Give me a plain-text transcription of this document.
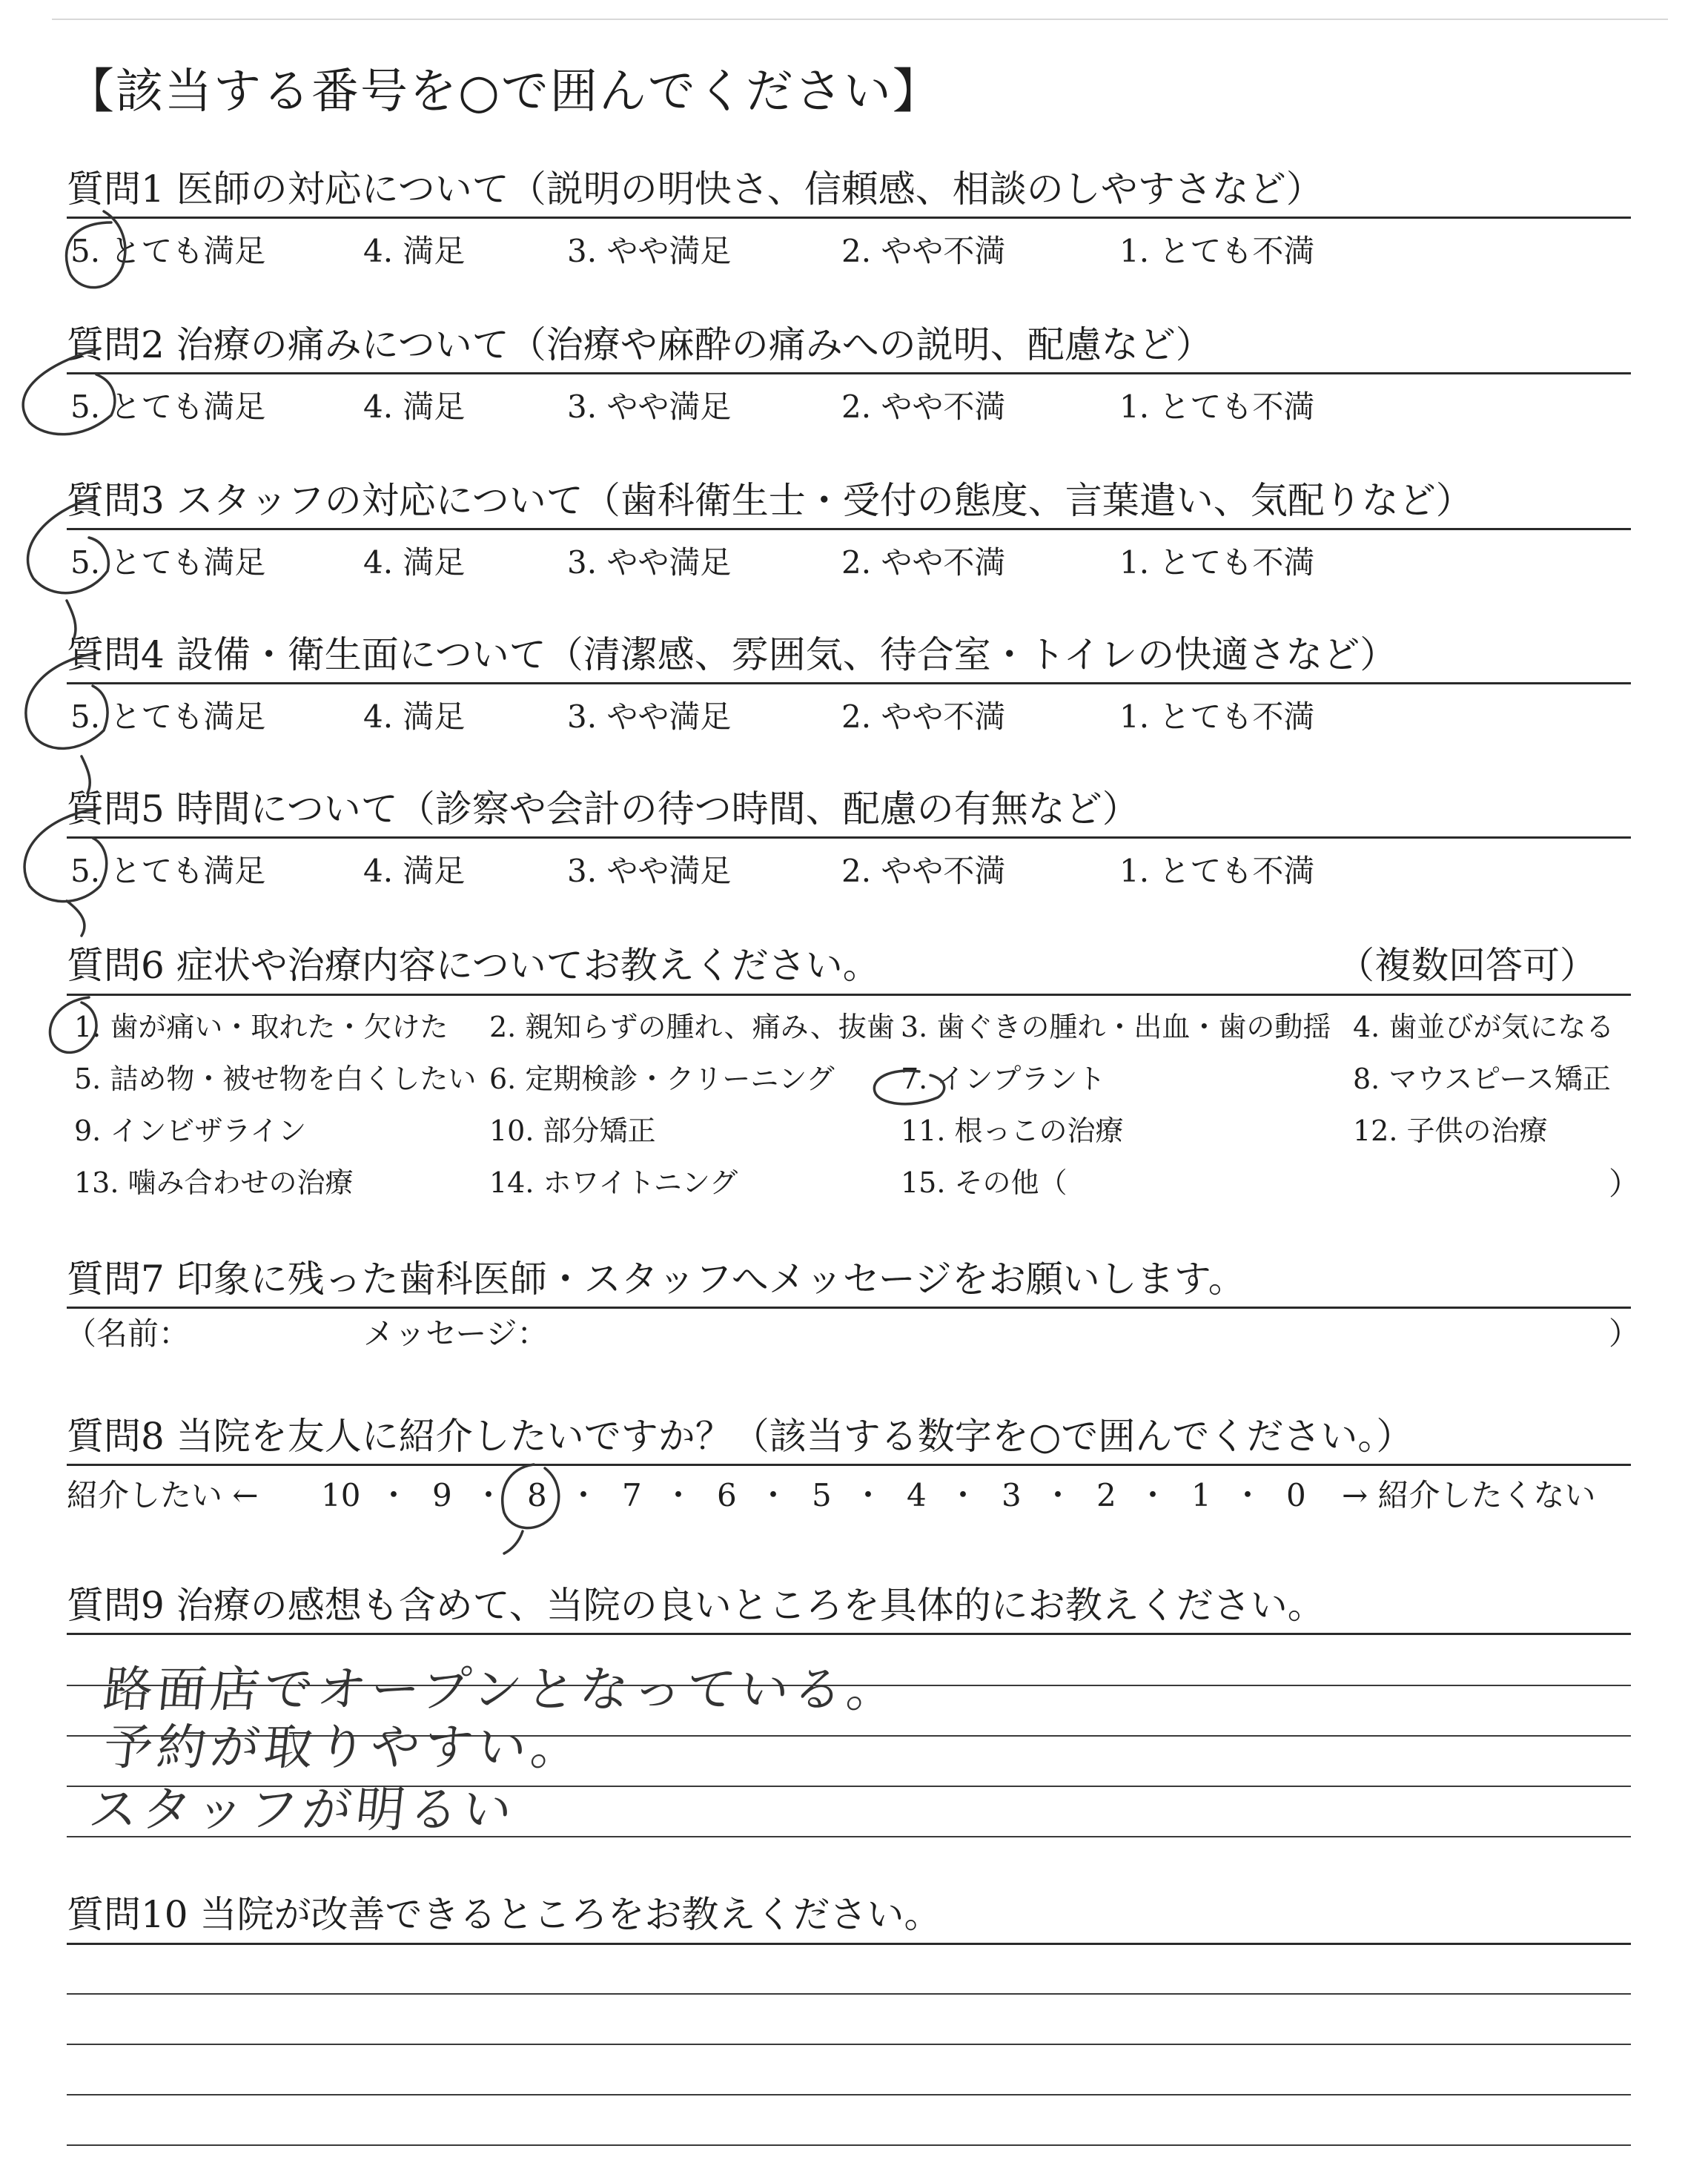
【該当する番号を○で囲んでください】
質問1 医師の対応について（説明の明快さ、信頼感、相談のしやすさなど）
5. とても満足	4. 満足	3. やや満足	2. やや不満	1. とても不満
質問2 治療の痛みについて（治療や麻酔の痛みへの説明、配慮など）
5. とても満足	4. 満足	3. やや満足	2. やや不満	1. とても不満
質問3 スタッフの対応について（歯科衛生士・受付の態度、言葉遣い、気配りなど）
5. とても満足	4. 満足	3. やや満足	2. やや不満	1. とても不満
質問4 設備・衛生面について（清潔感、雰囲気、待合室・トイレの快適さなど）
5. とても満足	4. 満足	3. やや満足	2. やや不満	1. とても不満
質問5 時間について（診察や会計の待つ時間、配慮の有無など）
5. とても満足	4. 満足	3. やや満足	2. やや不満	1. とても不満
質問6 症状や治療内容についてお教えください。	（複数回答可）
1. 歯が痛い・取れた・欠けた 2. 親知らずの腫れ、痛み、抜歯 3. 歯ぐきの腫れ・出血・歯の動揺 4. 歯並びが気になる
5. 詰め物・被せ物を白くしたい 6. 定期検診・クリーニング 7. インプラント	8. マウスピース矯正
9. インビザライン	10. 部分矯正	11. 根っこの治療	12. 子供の治療
13. 噛み合わせの治療	14. ホワイトニング	15. その他（	）
質問7 印象に残った歯科医師・スタッフへメッセージをお願いします。
（名前：	メッセージ：	）
質問8 当院を友人に紹介したいですか？（該当する数字を○で囲んでください。）
紹介したい ← 10 ・ 9 ・ 8 ・ 7 ・ 6 ・ 5 ・ 4 ・ 3 ・ 2 ・ 1 ・ 0 → 紹介したくない
質問9 治療の感想も含めて、当院の良いところを具体的にお教えください。
路面店でオープンとなっている。
予約が取りやすい。
スタッフが明るい
質問10 当院が改善できるところをお教えください。
